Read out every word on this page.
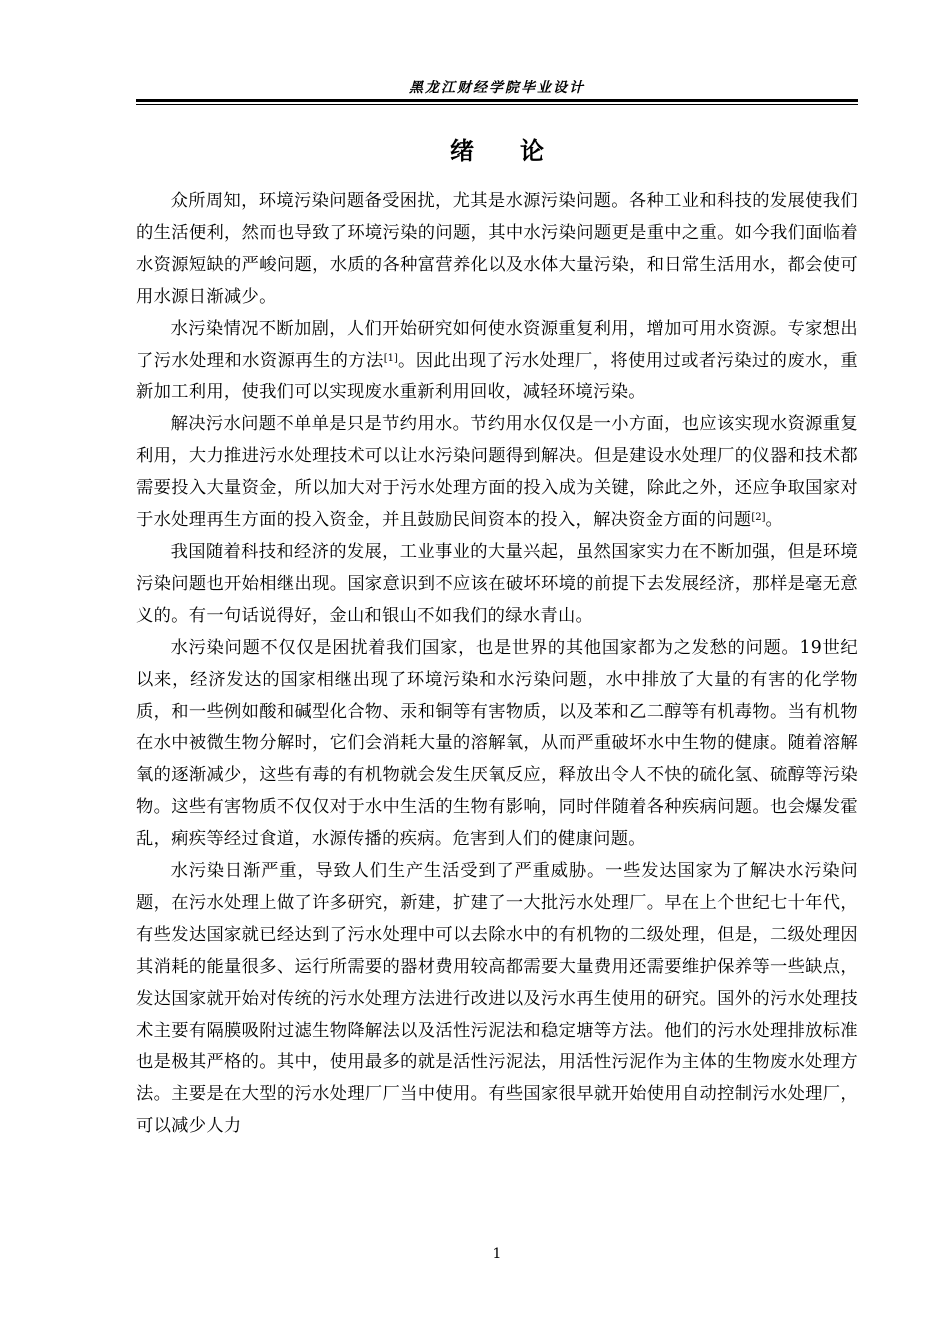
黑龙江财经学院毕业设计
绪 论

众所周知，环境污染问题备受困扰，尤其是水源污染问题。各种工业和科技的发展使我们的生活便利，然而也导致了环境污染的问题，其中水污染问题更是重中之重。如今我们面临着水资源短缺的严峻问题，水质的各种富营养化以及水体大量污染，和日常生活用水，都会使可用水源日渐减少。

水污染情况不断加剧，人们开始研究如何使水资源重复利用，增加可用水资源。专家想出了污水处理和水资源再生的方法[1]。因此出现了污水处理厂，将使用过或者污染过的废水，重新加工利用，使我们可以实现废水重新利用回收，减轻环境污染。

解决污水问题不单单是只是节约用水。节约用水仅仅是一小方面，也应该实现水资源重复利用，大力推进污水处理技术可以让水污染问题得到解决。但是建设水处理厂的仪器和技术都需要投入大量资金，所以加大对于污水处理方面的投入成为关键，除此之外，还应争取国家对于水处理再生方面的投入资金，并且鼓励民间资本的投入，解决资金方面的问题[2]。

我国随着科技和经济的发展，工业事业的大量兴起，虽然国家实力在不断加强，但是环境污染问题也开始相继出现。国家意识到不应该在破坏环境的前提下去发展经济，那样是毫无意义的。有一句话说得好，金山和银山不如我们的绿水青山。

水污染问题不仅仅是困扰着我们国家，也是世界的其他国家都为之发愁的问题。19世纪以来，经济发达的国家相继出现了环境污染和水污染问题，水中排放了大量的有害的化学物质，和一些例如酸和碱型化合物、汞和铜等有害物质，以及苯和乙二醇等有机毒物。当有机物在水中被微生物分解时，它们会消耗大量的溶解氧，从而严重破坏水中生物的健康。随着溶解氧的逐渐减少，这些有毒的有机物就会发生厌氧反应，释放出令人不快的硫化氢、硫醇等污染物。这些有害物质不仅仅对于水中生活的生物有影响，同时伴随着各种疾病问题。也会爆发霍乱，痢疾等经过食道，水源传播的疾病。危害到人们的健康问题。

水污染日渐严重，导致人们生产生活受到了严重威胁。一些发达国家为了解决水污染问题，在污水处理上做了许多研究，新建，扩建了一大批污水处理厂。早在上个世纪七十年代，有些发达国家就已经达到了污水处理中可以去除水中的有机物的二级处理，但是，二级处理因其消耗的能量很多、运行所需要的器材费用较高都需要大量费用还需要维护保养等一些缺点，发达国家就开始对传统的污水处理方法进行改进以及污水再生使用的研究。国外的污水处理技术主要有隔膜吸附过滤生物降解法以及活性污泥法和稳定塘等方法。他们的污水处理排放标准也是极其严格的。其中，使用最多的就是活性污泥法，用活性污泥作为主体的生物废水处理方法。主要是在大型的污水处理厂厂当中使用。有些国家很早就开始使用自动控制污水处理厂，可以减少人力

1
